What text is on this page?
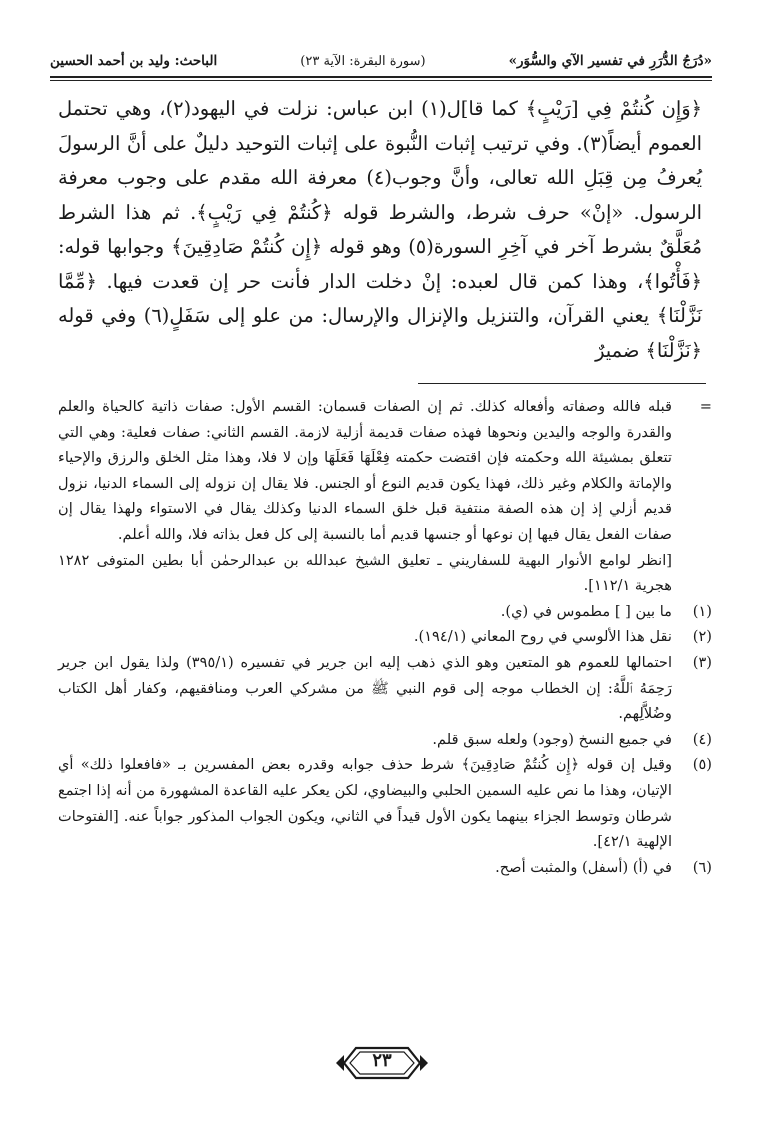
«دُرَجُ الدُّرَرِ في تفسير الآي والسُّوَر»
(سورة البقرة: الآية ٢٣)
الباحث: وليد بن أحمد الحسين

﴿وَإِن كُنتُمْ فِي [رَيْبٍ﴾ كما قا]ل(١) ابن عباس: نزلت في اليهود(٢)، وهي تحتمل العموم أيضاً(٣). وفي ترتيب إثبات النُّبوة على إثبات التوحيد دليلٌ على أنَّ الرسولَ يُعرفُ مِن قِبَلِ الله تعالى، وأنَّ وجوب(٤) معرفة الله مقدم على وجوب معرفة الرسول. «إنْ» حرف شرط، والشرط قوله ﴿كُنتُمْ فِي رَيْبٍ﴾. ثم هذا الشرط مُعَلَّقٌ بشرط آخر في آخِرِ السورة(٥) وهو قوله ﴿إِن كُنتُمْ صَادِقِينَ﴾ وجوابها قوله: ﴿فَأْتُوا﴾، وهذا كمن قال لعبده: إنْ دخلت الدار فأنت حر إن قعدت فيها. ﴿مِّمَّا نَزَّلْنَا﴾ يعني القرآن، والتنزيل والإنزال والإرسال: من علو إلى سَفَلٍ(٦) وفي قوله ﴿نَزَّلْنَا﴾ ضميرٌ

=

قبله فالله وصفاته وأفعاله كذلك. ثم إن الصفات قسمان: القسم الأول: صفات ذاتية كالحياة والعلم والقدرة والوجه واليدين ونحوها فهذه صفات قديمة أزلية لازمة. القسم الثاني: صفات فعلية: وهي التي تتعلق بمشيئة الله وحكمته فإن اقتضت حكمته فِعْلَهَا فَعَلَهَا وإن لا فلا، وهذا مثل الخلق والرزق والإحياء والإماتة والكلام وغير ذلك، فهذا يكون قديم النوع أو الجنس. فلا يقال إن نزوله إلى السماء الدنيا، نزول قديم أزلي إذ إن هذه الصفة منتفية قبل خلق السماء الدنيا وكذلك يقال في الاستواء ولهذا يقال إن صفات الفعل يقال فيها إن نوعها أو جنسها قديم أما بالنسبة إلى كل فعل بذاته فلا، والله أعلم.

[انظر لوامع الأنوار البهية للسفاريني ـ تعليق الشيخ عبدالله بن عبدالرحمٰن أبا بطين المتوفى ١٢٨٢ هجرية ١١٢/١].

(١)

ما بين [ ] مطموس في (ي).

(٢)

نقل هذا الألوسي في روح المعاني (١٩٤/١).

(٣)

احتمالها للعموم هو المتعين وهو الذي ذهب إليه ابن جرير في تفسيره (٣٩٥/١) ولذا يقول ابن جرير رَحِمَهُ ٱللَّهُ: إن الخطاب موجه إلى قوم النبي ﷺ من مشركي العرب ومنافقيهم، وكفار أهل الكتاب وضُلاَّلِهم.

(٤)

في جميع النسخ (وجود) ولعله سبق قلم.

(٥)

وقيل إن قوله ﴿إِن كُنتُمْ صَادِقِينَ﴾ شرط حذف جوابه وقدره بعض المفسرين بـ «فافعلوا ذلك» أي الإتيان، وهذا ما نص عليه السمين الحلبي والبيضاوي، لكن يعكر عليه القاعدة المشهورة من أنه إذا اجتمع شرطان وتوسط الجزاء بينهما يكون الأول قيداً في الثاني، ويكون الجواب المذكور جواباً عنه. [الفتوحات الإلهية ٤٢/١].

(٦)

في (أ) (أسفل) والمثبت أصح.

٢٣
